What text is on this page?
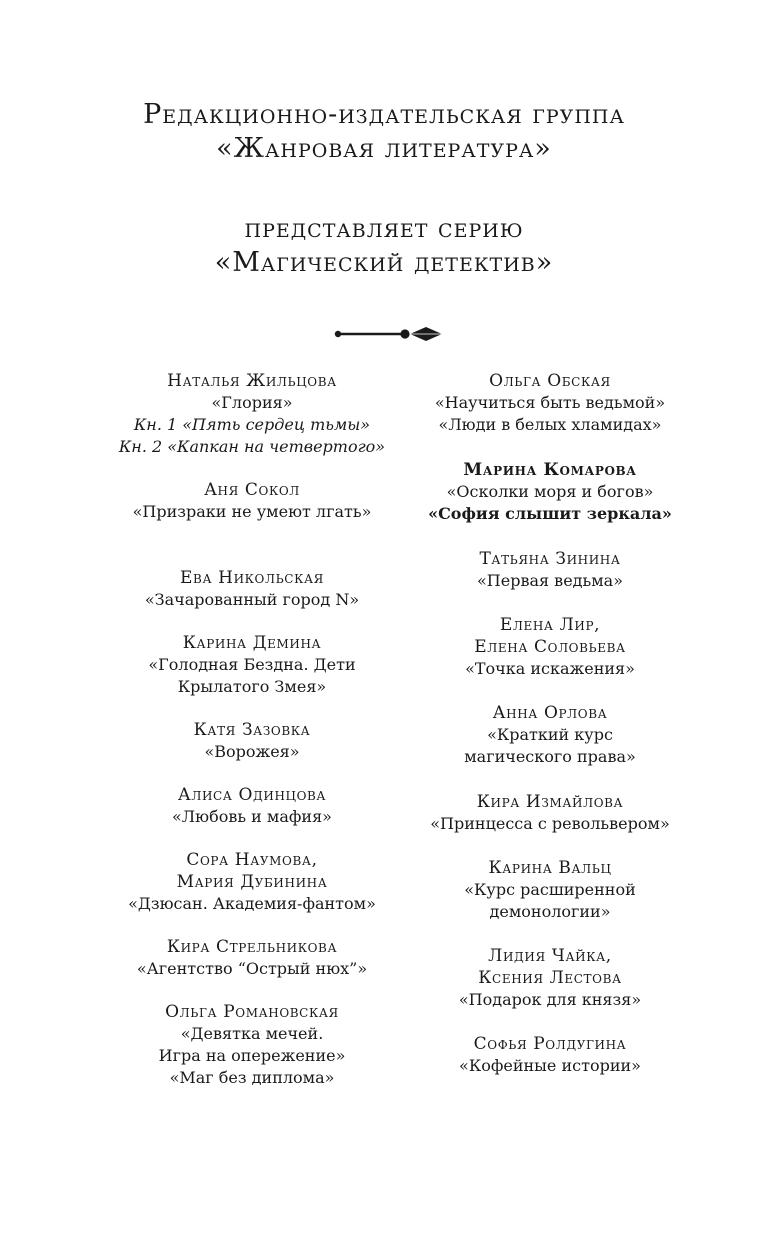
Редакционно-издательская группа
«Жанровая литература»
представляет серию
«Магический детектив»
Наталья Жильцова
«Глория»
Кн. 1 «Пять сердец тьмы»
Кн. 2 «Капкан на четвертого»
Аня Сокол
«Призраки не умеют лгать»
Ева Никольская
«Зачарованный город N»
Карина Демина
«Голодная Бездна. Дети
Крылатого Змея»
Катя Зазовка
«Ворожея»
Алиса Одинцова
«Любовь и мафия»
Сора Наумова,
Мария Дубинина
«Дзюсан. Академия-фантом»
Кира Стрельникова
«Агентство “Острый нюх”»
Ольга Романовская
«Девятка мечей.
Игра на опережение»
«Маг без диплома»
Ольга Обская
«Научиться быть ведьмой»
«Люди в белых хламидах»
Марина Комарова
«Осколки моря и богов»
«София слышит зеркала»
Татьяна Зинина
«Первая ведьма»
Елена Лир,
Елена Соловьева
«Точка искажения»
Анна Орлова
«Краткий курс
магического права»
Кира Измайлова
«Принцесса с револьвером»
Карина Вальц
«Курс расширенной
демонологии»
Лидия Чайка,
Ксения Лестова
«Подарок для князя»
Софья Ролдугина
«Кофейные истории»
